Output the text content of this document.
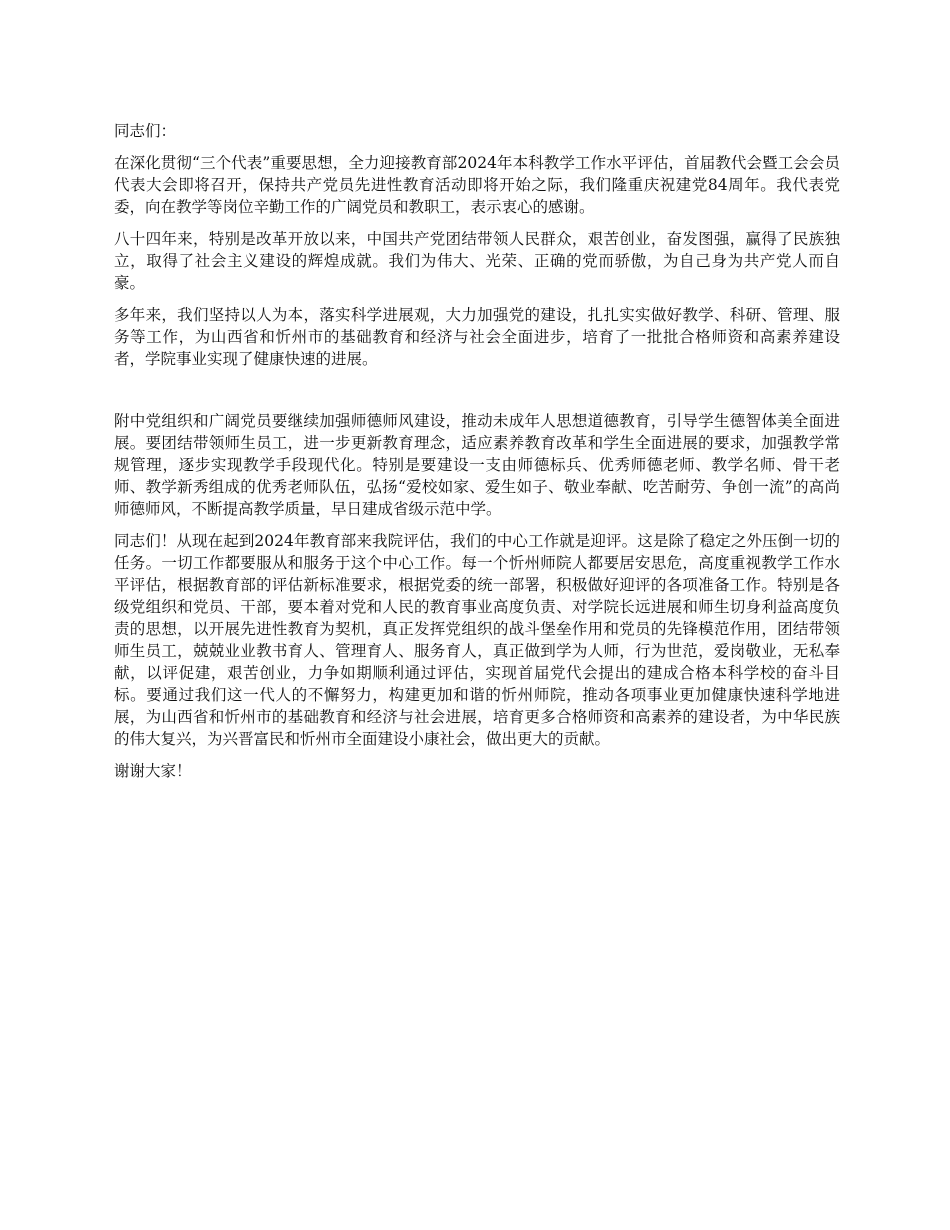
同志们：

在深化贯彻“三个代表”重要思想，全力迎接教育部2024年本科教学工作水平评估，首届教代会暨工会会员代表大会即将召开，保持共产党员先进性教育活动即将开始之际，我们隆重庆祝建党84周年。我代表党委，向在教学等岗位辛勤工作的广阔党员和教职工，表示衷心的感谢。

八十四年来，特别是改革开放以来，中国共产党团结带领人民群众，艰苦创业，奋发图强，赢得了民族独立，取得了社会主义建设的辉煌成就。我们为伟大、光荣、正确的党而骄傲，为自己身为共产党人而自豪。

多年来，我们坚持以人为本，落实科学进展观，大力加强党的建设，扎扎实实做好教学、科研、管理、服务等工作，为山西省和忻州市的基础教育和经济与社会全面进步，培育了一批批合格师资和高素养建设者，学院事业实现了健康快速的进展。

附中党组织和广阔党员要继续加强师德师风建设，推动未成年人思想道德教育，引导学生德智体美全面进展。要团结带领师生员工，进一步更新教育理念，适应素养教育改革和学生全面进展的要求，加强教学常规管理，逐步实现教学手段现代化。特别是要建设一支由师德标兵、优秀师德老师、教学名师、骨干老师、教学新秀组成的优秀老师队伍，弘扬“爱校如家、爱生如子、敬业奉献、吃苦耐劳、争创一流”的高尚师德师风，不断提高教学质量，早日建成省级示范中学。

同志们！从现在起到2024年教育部来我院评估，我们的中心工作就是迎评。这是除了稳定之外压倒一切的任务。一切工作都要服从和服务于这个中心工作。每一个忻州师院人都要居安思危，高度重视教学工作水平评估，根据教育部的评估新标准要求，根据党委的统一部署，积极做好迎评的各项准备工作。特别是各级党组织和党员、干部，要本着对党和人民的教育事业高度负责、对学院长远进展和师生切身利益高度负责的思想，以开展先进性教育为契机，真正发挥党组织的战斗堡垒作用和党员的先锋模范作用，团结带领师生员工，兢兢业业教书育人、管理育人、服务育人，真正做到学为人师，行为世范，爱岗敬业，无私奉献，以评促建，艰苦创业，力争如期顺利通过评估，实现首届党代会提出的建成合格本科学校的奋斗目标。要通过我们这一代人的不懈努力，构建更加和谐的忻州师院，推动各项事业更加健康快速科学地进展，为山西省和忻州市的基础教育和经济与社会进展，培育更多合格师资和高素养的建设者，为中华民族的伟大复兴，为兴晋富民和忻州市全面建设小康社会，做出更大的贡献。

谢谢大家！
